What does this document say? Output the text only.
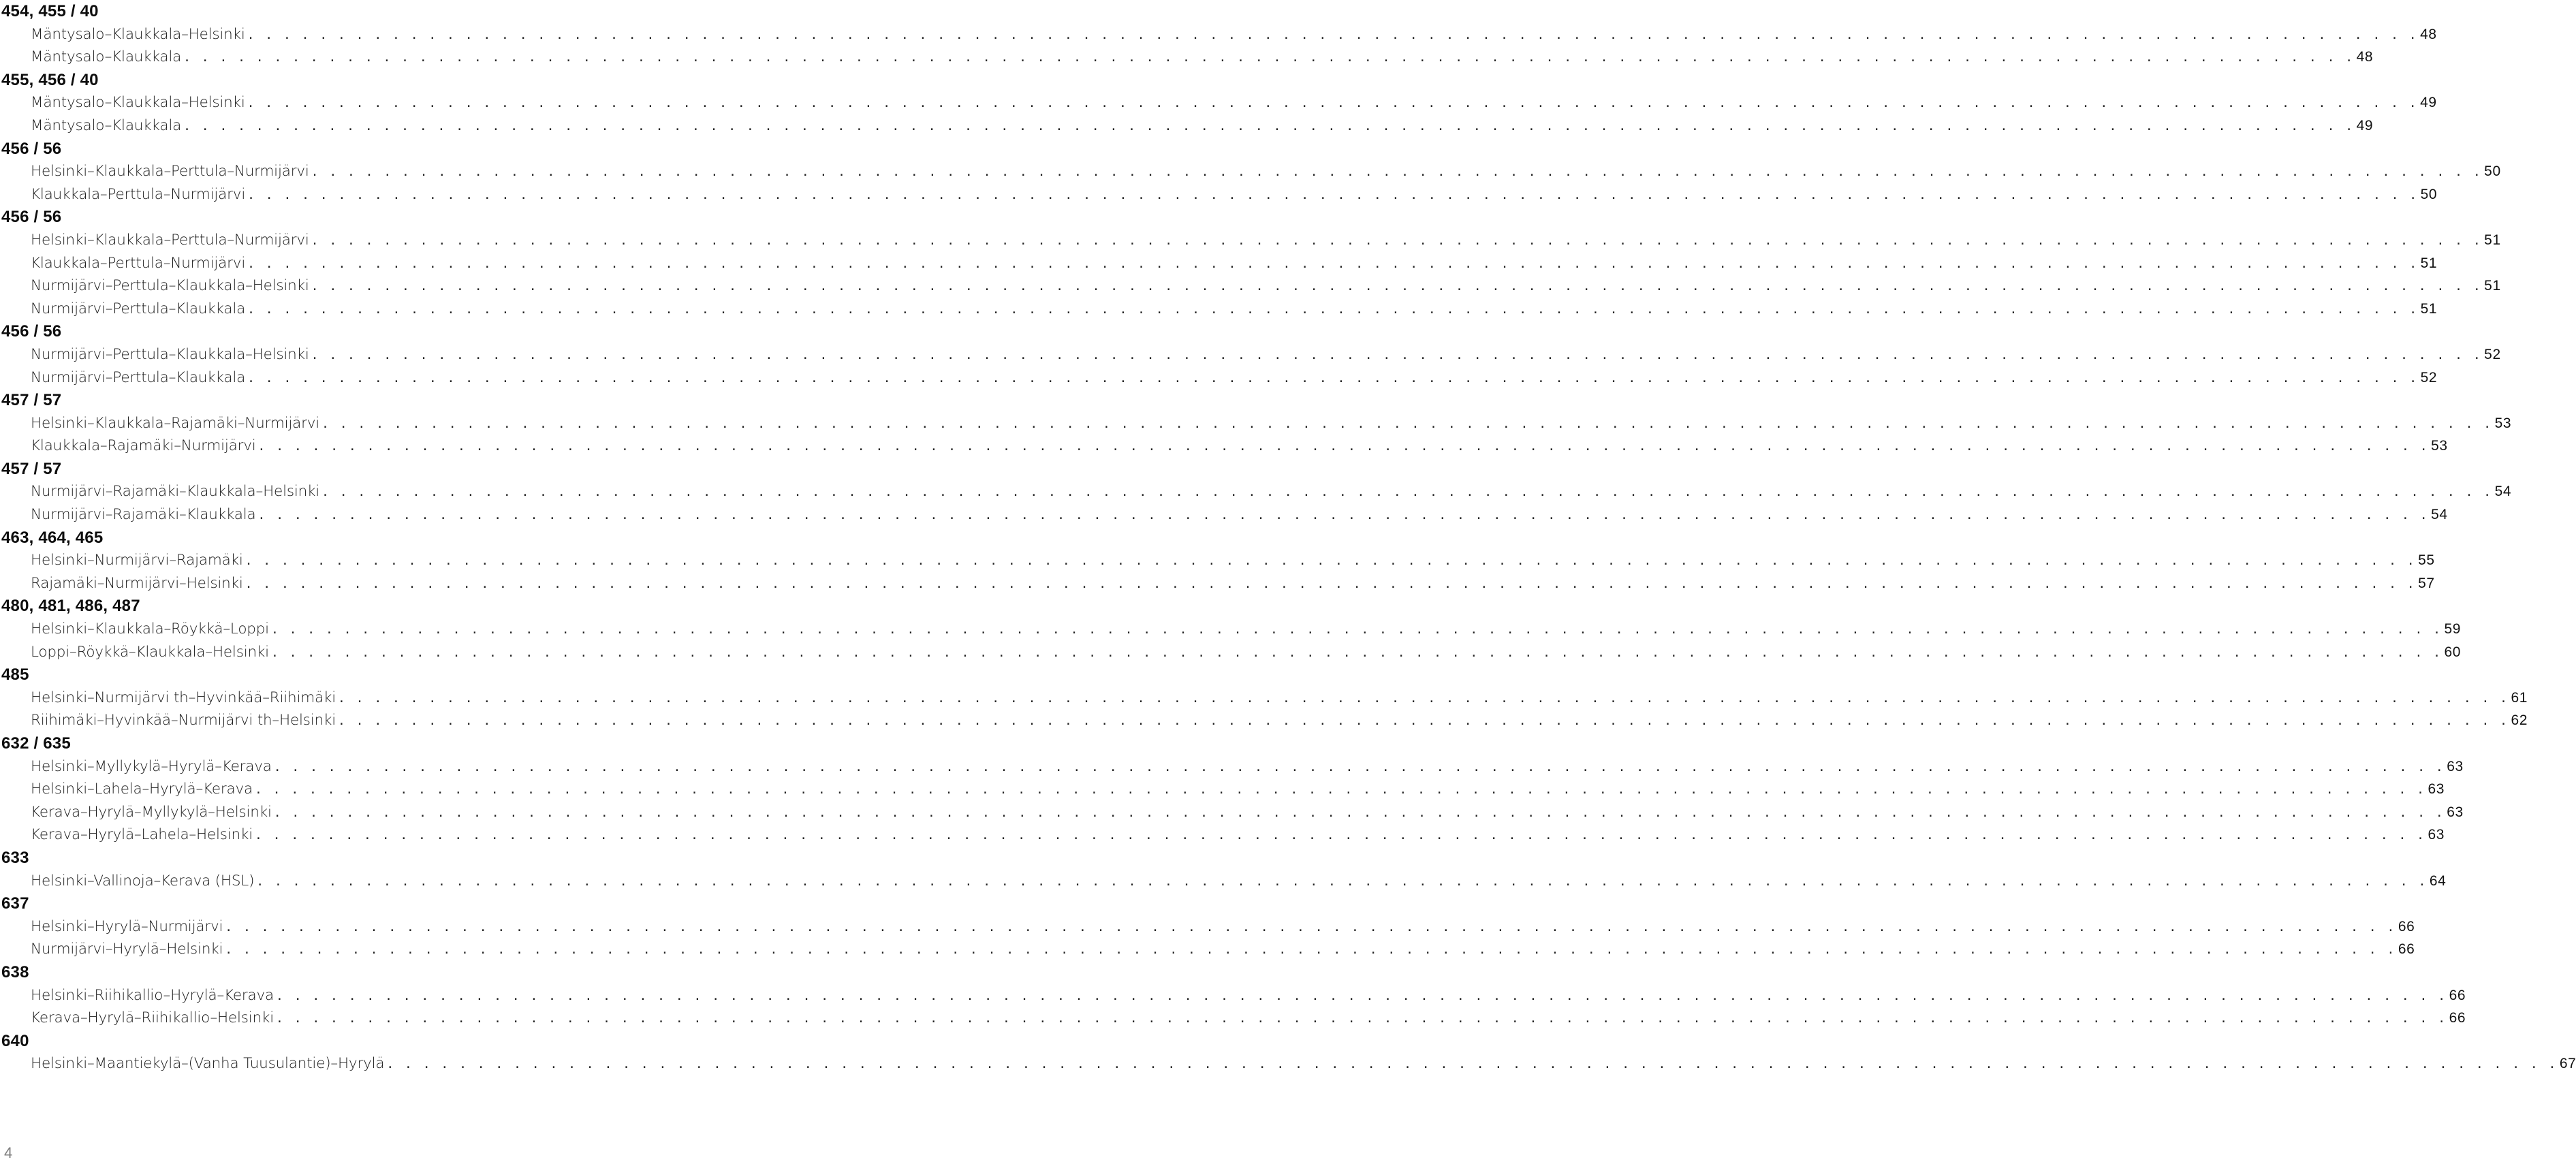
454, 455 / 40
Mäntysalo–Klaukkala–Helsinki . . . . . . . . . . . . . . . . . . . . . . . . . . . . . . . . . . . . . . . . . . . . . . . . . . . . . . . . . . . . . . . . . . . . . . . . . . . . . . . . . . . . . . . . . . . . . . . . . . . . . . . . . . . . . . . . . . . . . . . . 48
Mäntysalo–Klaukkala . . . . . . . . . . . . . . . . . . . . . . . . . . . . . . . . . . . . . . . . . . . . . . . . . . . . . . . . . . . . . . . . . . . . . . . . . . . . . . . . . . . . . . . . . . . . . . . . . . . . . . . . . . . . . . . . . . . . . . . . 48
455, 456 / 40
Mäntysalo–Klaukkala–Helsinki . . . . . . . . . . . . . . . . . . . . . . . . . . . . . . . . . . . . . . . . . . . . . . . . . . . . . . . . . . . . . . . . . . . . . . . . . . . . . . . . . . . . . . . . . . . . . . . . . . . . . . . . . . . . . . . . . . . . . . . . 49
Mäntysalo–Klaukkala . . . . . . . . . . . . . . . . . . . . . . . . . . . . . . . . . . . . . . . . . . . . . . . . . . . . . . . . . . . . . . . . . . . . . . . . . . . . . . . . . . . . . . . . . . . . . . . . . . . . . . . . . . . . . . . . . . . . . . . . 49
456 / 56
Helsinki–Klaukkala–Perttula–Nurmijärvi . . . . . . . . . . . . . . . . . . . . . . . . . . . . . . . . . . . . . . . . . . . . . . . . . . . . . . . . . . . . . . . . . . . . . . . . . . . . . . . . . . . . . . . . . . . . . . . . . . . . . . . . . . . . . . . . . . . . . . . . 50
Klaukkala–Perttula–Nurmijärvi . . . . . . . . . . . . . . . . . . . . . . . . . . . . . . . . . . . . . . . . . . . . . . . . . . . . . . . . . . . . . . . . . . . . . . . . . . . . . . . . . . . . . . . . . . . . . . . . . . . . . . . . . . . . . . . . . . . . . . . . 50
456 / 56
Helsinki–Klaukkala–Perttula–Nurmijärvi . . . . . . . . . . . . . . . . . . . . . . . . . . . . . . . . . . . . . . . . . . . . . . . . . . . . . . . . . . . . . . . . . . . . . . . . . . . . . . . . . . . . . . . . . . . . . . . . . . . . . . . . . . . . . . . . . . . . . . . . 51
Klaukkala–Perttula–Nurmijärvi . . . . . . . . . . . . . . . . . . . . . . . . . . . . . . . . . . . . . . . . . . . . . . . . . . . . . . . . . . . . . . . . . . . . . . . . . . . . . . . . . . . . . . . . . . . . . . . . . . . . . . . . . . . . . . . . . . . . . . . . 51
Nurmijärvi–Perttula–Klaukkala–Helsinki . . . . . . . . . . . . . . . . . . . . . . . . . . . . . . . . . . . . . . . . . . . . . . . . . . . . . . . . . . . . . . . . . . . . . . . . . . . . . . . . . . . . . . . . . . . . . . . . . . . . . . . . . . . . . . . . . . . . . . . . 51
Nurmijärvi–Perttula–Klaukkala . . . . . . . . . . . . . . . . . . . . . . . . . . . . . . . . . . . . . . . . . . . . . . . . . . . . . . . . . . . . . . . . . . . . . . . . . . . . . . . . . . . . . . . . . . . . . . . . . . . . . . . . . . . . . . . . . . . . . . . . 51
456 / 56
Nurmijärvi–Perttula–Klaukkala–Helsinki . . . . . . . . . . . . . . . . . . . . . . . . . . . . . . . . . . . . . . . . . . . . . . . . . . . . . . . . . . . . . . . . . . . . . . . . . . . . . . . . . . . . . . . . . . . . . . . . . . . . . . . . . . . . . . . . . . . . . . . . 52
Nurmijärvi–Perttula–Klaukkala . . . . . . . . . . . . . . . . . . . . . . . . . . . . . . . . . . . . . . . . . . . . . . . . . . . . . . . . . . . . . . . . . . . . . . . . . . . . . . . . . . . . . . . . . . . . . . . . . . . . . . . . . . . . . . . . . . . . . . . . 52
457 / 57
Helsinki–Klaukkala–Rajamäki–Nurmijärvi . . . . . . . . . . . . . . . . . . . . . . . . . . . . . . . . . . . . . . . . . . . . . . . . . . . . . . . . . . . . . . . . . . . . . . . . . . . . . . . . . . . . . . . . . . . . . . . . . . . . . . . . . . . . . . . . . . . . . . . . 53
Klaukkala–Rajamäki–Nurmijärvi . . . . . . . . . . . . . . . . . . . . . . . . . . . . . . . . . . . . . . . . . . . . . . . . . . . . . . . . . . . . . . . . . . . . . . . . . . . . . . . . . . . . . . . . . . . . . . . . . . . . . . . . . . . . . . . . . . . . . . . . 53
457 / 57
Nurmijärvi–Rajamäki–Klaukkala–Helsinki . . . . . . . . . . . . . . . . . . . . . . . . . . . . . . . . . . . . . . . . . . . . . . . . . . . . . . . . . . . . . . . . . . . . . . . . . . . . . . . . . . . . . . . . . . . . . . . . . . . . . . . . . . . . . . . . . . . . . . . . 54
Nurmijärvi–Rajamäki–Klaukkala . . . . . . . . . . . . . . . . . . . . . . . . . . . . . . . . . . . . . . . . . . . . . . . . . . . . . . . . . . . . . . . . . . . . . . . . . . . . . . . . . . . . . . . . . . . . . . . . . . . . . . . . . . . . . . . . . . . . . . . . 54
463, 464, 465
Helsinki–Nurmijärvi–Rajamäki . . . . . . . . . . . . . . . . . . . . . . . . . . . . . . . . . . . . . . . . . . . . . . . . . . . . . . . . . . . . . . . . . . . . . . . . . . . . . . . . . . . . . . . . . . . . . . . . . . . . . . . . . . . . . . . . . . . . . . . . 55
Rajamäki–Nurmijärvi–Helsinki . . . . . . . . . . . . . . . . . . . . . . . . . . . . . . . . . . . . . . . . . . . . . . . . . . . . . . . . . . . . . . . . . . . . . . . . . . . . . . . . . . . . . . . . . . . . . . . . . . . . . . . . . . . . . . . . . . . . . . . . 57
480, 481, 486, 487
Helsinki–Klaukkala–Röykkä–Loppi . . . . . . . . . . . . . . . . . . . . . . . . . . . . . . . . . . . . . . . . . . . . . . . . . . . . . . . . . . . . . . . . . . . . . . . . . . . . . . . . . . . . . . . . . . . . . . . . . . . . . . . . . . . . . . . . . . . . . . . . 59
Loppi–Röykkä–Klaukkala–Helsinki . . . . . . . . . . . . . . . . . . . . . . . . . . . . . . . . . . . . . . . . . . . . . . . . . . . . . . . . . . . . . . . . . . . . . . . . . . . . . . . . . . . . . . . . . . . . . . . . . . . . . . . . . . . . . . . . . . . . . . . . 60
485
Helsinki–Nurmijärvi th–Hyvinkää–Riihimäki . . . . . . . . . . . . . . . . . . . . . . . . . . . . . . . . . . . . . . . . . . . . . . . . . . . . . . . . . . . . . . . . . . . . . . . . . . . . . . . . . . . . . . . . . . . . . . . . . . . . . . . . . . . . . . . . . . . . . . . . 61
Riihimäki–Hyvinkää–Nurmijärvi th–Helsinki . . . . . . . . . . . . . . . . . . . . . . . . . . . . . . . . . . . . . . . . . . . . . . . . . . . . . . . . . . . . . . . . . . . . . . . . . . . . . . . . . . . . . . . . . . . . . . . . . . . . . . . . . . . . . . . . . . . . . . . . 62
632 / 635
Helsinki–Myllykylä–Hyrylä–Kerava . . . . . . . . . . . . . . . . . . . . . . . . . . . . . . . . . . . . . . . . . . . . . . . . . . . . . . . . . . . . . . . . . . . . . . . . . . . . . . . . . . . . . . . . . . . . . . . . . . . . . . . . . . . . . . . . . . . . . . . . 63
Helsinki–Lahela–Hyrylä–Kerava . . . . . . . . . . . . . . . . . . . . . . . . . . . . . . . . . . . . . . . . . . . . . . . . . . . . . . . . . . . . . . . . . . . . . . . . . . . . . . . . . . . . . . . . . . . . . . . . . . . . . . . . . . . . . . . . . . . . . . . . 63
Kerava–Hyrylä–Myllykylä–Helsinki . . . . . . . . . . . . . . . . . . . . . . . . . . . . . . . . . . . . . . . . . . . . . . . . . . . . . . . . . . . . . . . . . . . . . . . . . . . . . . . . . . . . . . . . . . . . . . . . . . . . . . . . . . . . . . . . . . . . . . . . 63
Kerava–Hyrylä–Lahela–Helsinki . . . . . . . . . . . . . . . . . . . . . . . . . . . . . . . . . . . . . . . . . . . . . . . . . . . . . . . . . . . . . . . . . . . . . . . . . . . . . . . . . . . . . . . . . . . . . . . . . . . . . . . . . . . . . . . . . . . . . . . . 63
633
Helsinki–Vallinoja–Kerava (HSL) . . . . . . . . . . . . . . . . . . . . . . . . . . . . . . . . . . . . . . . . . . . . . . . . . . . . . . . . . . . . . . . . . . . . . . . . . . . . . . . . . . . . . . . . . . . . . . . . . . . . . . . . . . . . . . . . . . . . . . . . 64
637
Helsinki–Hyrylä–Nurmijärvi . . . . . . . . . . . . . . . . . . . . . . . . . . . . . . . . . . . . . . . . . . . . . . . . . . . . . . . . . . . . . . . . . . . . . . . . . . . . . . . . . . . . . . . . . . . . . . . . . . . . . . . . . . . . . . . . . . . . . . . . 66
Nurmijärvi–Hyrylä–Helsinki . . . . . . . . . . . . . . . . . . . . . . . . . . . . . . . . . . . . . . . . . . . . . . . . . . . . . . . . . . . . . . . . . . . . . . . . . . . . . . . . . . . . . . . . . . . . . . . . . . . . . . . . . . . . . . . . . . . . . . . . 66
638
Helsinki–Riihikallio–Hyrylä–Kerava . . . . . . . . . . . . . . . . . . . . . . . . . . . . . . . . . . . . . . . . . . . . . . . . . . . . . . . . . . . . . . . . . . . . . . . . . . . . . . . . . . . . . . . . . . . . . . . . . . . . . . . . . . . . . . . . . . . . . . . . 66
Kerava–Hyrylä–Riihikallio–Helsinki . . . . . . . . . . . . . . . . . . . . . . . . . . . . . . . . . . . . . . . . . . . . . . . . . . . . . . . . . . . . . . . . . . . . . . . . . . . . . . . . . . . . . . . . . . . . . . . . . . . . . . . . . . . . . . . . . . . . . . . . 66
640
Helsinki–Maantiekylä–(Vanha Tuusulantie)–Hyrylä . . . . . . . . . . . . . . . . . . . . . . . . . . . . . . . . . . . . . . . . . . . . . . . . . . . . . . . . . . . . . . . . . . . . . . . . . . . . . . . . . . . . . . . . . . . . . . . . . . . . . . . . . . . . . . . . . . . . . . . . 67
4
